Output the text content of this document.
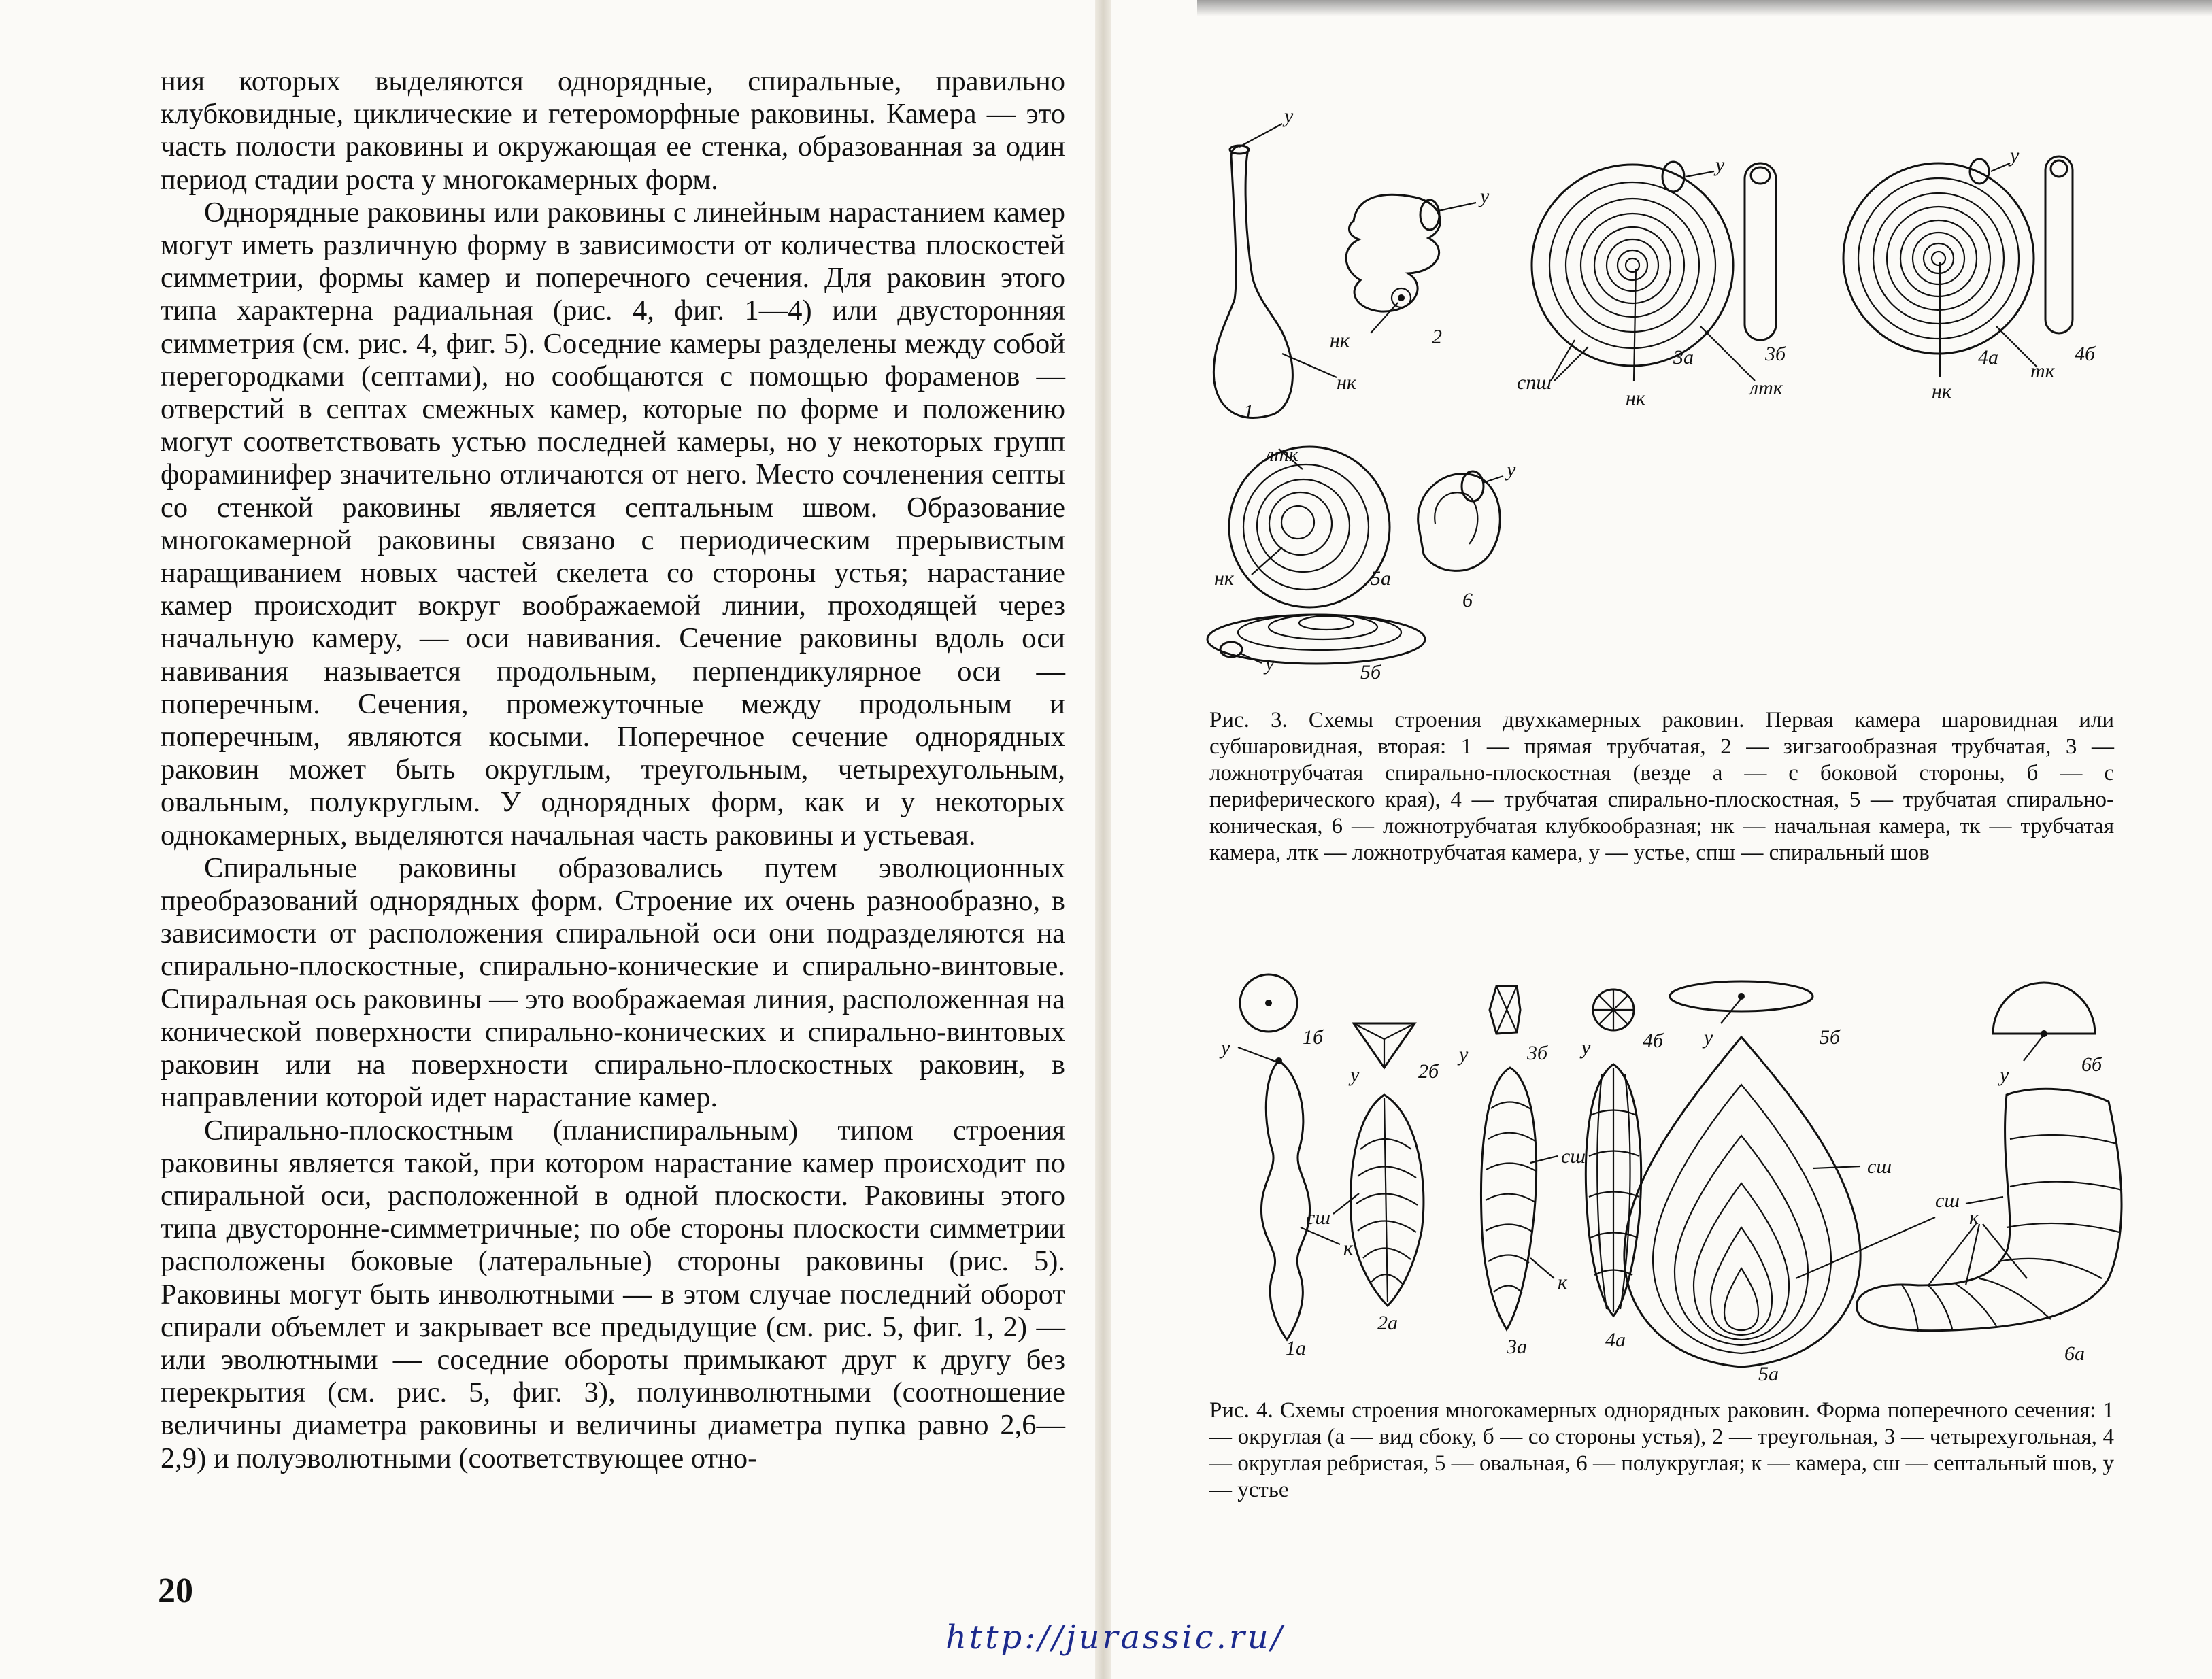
ния которых выделяются однорядные, спиральные, правильно клубковидные, циклические и гетероморфные раковины. Камера — это часть полости раковины и окружающая ее стенка, образованная за один период стадии роста у многокамерных форм.

Однорядные раковины или раковины с линейным нарастанием камер могут иметь различную форму в зависимости от количества плоскостей симметрии, формы камер и поперечного сечения. Для раковин этого типа характерна радиальная (рис. 4, фиг. 1—4) или двусторонняя симметрия (см. рис. 4, фиг. 5). Соседние камеры разделены между собой перегородками (септами), но сообщаются с помощью фораменов — отверстий в септах смежных камер, которые по форме и положению могут соответствовать устью последней камеры, но у некоторых групп фораминифер значительно отличаются от него. Место сочленения септы со стенкой раковины является септальным швом. Образование многокамерной раковины связано с периодическим прерывистым наращиванием новых частей скелета со стороны устья; нарастание камер происходит вокруг воображаемой линии, проходящей через начальную камеру, — оси навивания. Сечение раковины вдоль оси навивания называется продольным, перпендикулярное оси — поперечным. Сечения, промежуточные между продольным и поперечным, являются косыми. Поперечное сечение однорядных раковин может быть округлым, треугольным, четырехугольным, овальным, полукруглым. У однорядных форм, как и у некоторых однокамерных, выделяются начальная часть раковины и устьевая.

Спиральные раковины образовались путем эволюционных преобразований однорядных форм. Строение их очень разнообразно, в зависимости от расположения спиральной оси они подразделяются на спирально-плоскостные, спирально-конические и спирально-винтовые. Спиральная ось раковины — это воображаемая линия, расположенная на конической поверхности спирально-конических и спирально-винтовых раковин или на поверхности спирально-плоскостных раковин, в направлении которой идет нарастание камер.

Спирально-плоскостным (планиспиральным) типом строения раковины является такой, при котором нарастание камер происходит по спиральной оси, расположенной в одной плоскости. Раковины этого типа двусторонне-симметричные; по обе стороны плоскости симметрии расположены боковые (латеральные) стороны раковины (рис. 5). Раковины могут быть инволютными — в этом случае последний оборот спирали объемлет и закрывает все предыдущие (см. рис. 5, фиг. 1, 2) — или эволютными — соседние обороты примыкают друг к другу без перекрытия (см. рис. 5, фиг. 3), полуинволютными (соотношение величины диаметра раковины и величины диаметра пупка равно 2,6—2,9) и полуэволютными (соответствующее отно-

20
http://jurassic.ru/
у
1
нк
у
2
нк
спш
нк
3а
лтк
у
3б
у
нк
4а	4б
тк
нк	5а
у	5б
лтк
у
6
Рис. 3. Схемы строения двухкамерных раковин. Первая камера шаровидная или субшаровидная, вторая: 1 — прямая трубчатая, 2 — зигзагообразная трубчатая, 3 — ложнотрубчатая спирально-плоскостная (везде а — с боковой стороны, б — с периферического края), 4 — трубчатая спирально-плоскостная, 5 — трубчатая спирально-коническая, 6 — ложнотрубчатая клубкообразная; нк — начальная камера, тк — трубчатая камера, лтк — ложнотрубчатая камера, у — устье, спш — спиральный шов
1б
у
1а
к
2б
у
сш
2а
3б
у
сш
к
3а
4б
у
4а
5б
у
5а
сш
6б
у
к
сш
6а
Рис. 4. Схемы строения многокамерных однорядных раковин. Форма поперечного сечения: 1 — округлая (а — вид сбоку, б — со стороны устья), 2 — треугольная, 3 — четырехугольная, 4 — округлая ребристая, 5 — овальная, 6 — полукруглая; к — камера, сш — септальный шов, у — устье
